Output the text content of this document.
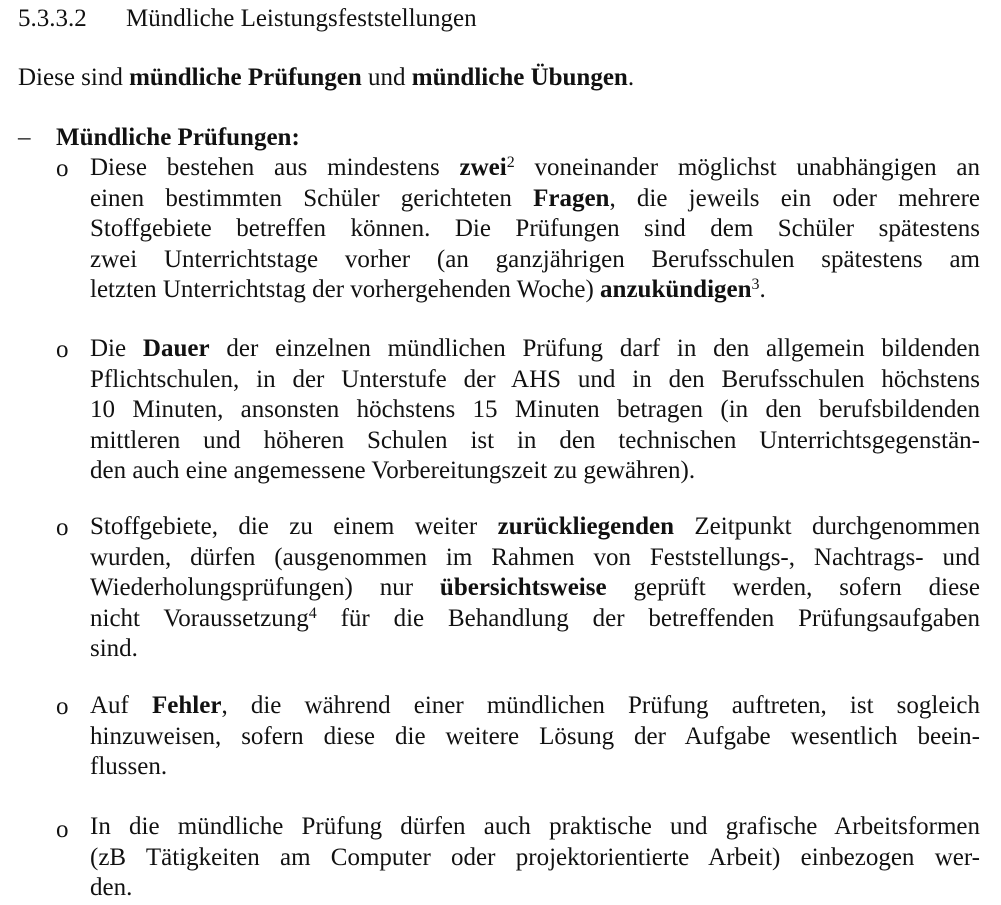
5.3.3.2 Mündliche Leistungsfeststellungen
Diese sind mündliche Prüfungen und mündliche Übungen.
– Mündliche Prüfungen:
o Diese bestehen aus mindestens zwei$^2$ voneinander möglichst unabhängigen an
einen bestimmten Schüler gerichteten Fragen, die jeweils ein oder mehrere
Stoffgebiete betreffen können. Die Prüfungen sind dem Schüler spätestens
zwei Unterrichtstage vorher (an ganzjährigen Berufsschulen spätestens am
letzten Unterrichtstag der vorhergehenden Woche) anzukündigen$^3$.
o Die Dauer der einzelnen mündlichen Prüfung darf in den allgemein bildenden
Pflichtschulen, in der Unterstufe der AHS und in den Berufsschulen höchstens
10 Minuten, ansonsten höchstens 15 Minuten betragen (in den berufsbildenden
mittleren und höheren Schulen ist in den technischen Unterrichtsgegenstän-
den auch eine angemessene Vorbereitungszeit zu gewähren).
o Stoffgebiete, die zu einem weiter zurückliegenden Zeitpunkt durchgenommen
wurden, dürfen (ausgenommen im Rahmen von Feststellungs-, Nachtrags- und
Wiederholungsprüfungen) nur übersichtsweise geprüft werden, sofern diese
nicht Voraussetzung$^4$ für die Behandlung der betreffenden Prüfungsaufgaben
sind.
o Auf Fehler, die während einer mündlichen Prüfung auftreten, ist sogleich
hinzuweisen, sofern diese die weitere Lösung der Aufgabe wesentlich beein-
flussen.
o In die mündliche Prüfung dürfen auch praktische und grafische Arbeitsformen
(zB Tätigkeiten am Computer oder projektorientierte Arbeit) einbezogen wer-
den.
